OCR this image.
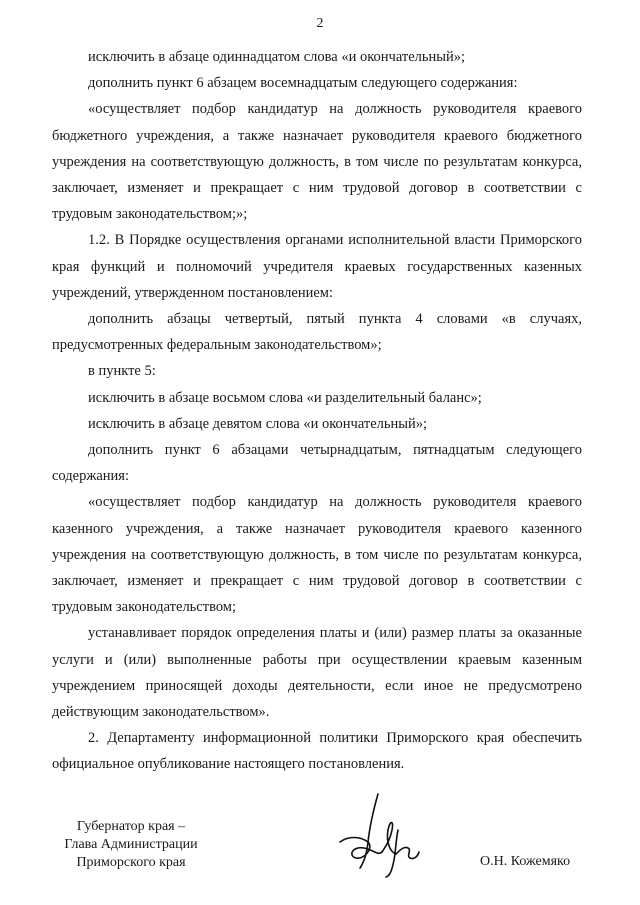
2

исключить в абзаце одиннадцатом слова «и окончательный»;

дополнить пункт 6 абзацем восемнадцатым следующего содержания:

«осуществляет подбор кандидатур на должность руководителя краевого бюджетного учреждения, а также назначает руководителя краевого бюджетного учреждения на соответствующую должность, в том числе по результатам конкурса, заключает, изменяет и прекращает с ним трудовой договор в соответствии с трудовым законодательством;»;

1.2. В Порядке осуществления органами исполнительной власти Приморского края функций и полномочий учредителя краевых государственных казенных учреждений, утвержденном постановлением:

дополнить абзацы четвертый, пятый пункта 4 словами «в случаях, предусмотренных федеральным законодательством»;

в пункте 5:

исключить в абзаце восьмом слова «и разделительный баланс»;

исключить в абзаце девятом слова «и окончательный»;

дополнить пункт 6 абзацами четырнадцатым, пятнадцатым следующего содержания:

«осуществляет подбор кандидатур на должность руководителя краевого казенного учреждения, а также назначает руководителя краевого казенного учреждения на соответствующую должность, в том числе по результатам конкурса, заключает, изменяет и прекращает с ним трудовой договор в соответствии с трудовым законодательством;

устанавливает порядок определения платы и (или) размер платы за оказанные услуги и (или) выполненные работы при осуществлении краевым казенным учреждением приносящей доходы деятельности, если иное не предусмотрено действующим законодательством».

2. Департаменту информационной политики Приморского края обеспечить официальное опубликование настоящего постановления.

Губернатор края –
Глава Администрации
Приморского края	О.Н. Кожемяко
